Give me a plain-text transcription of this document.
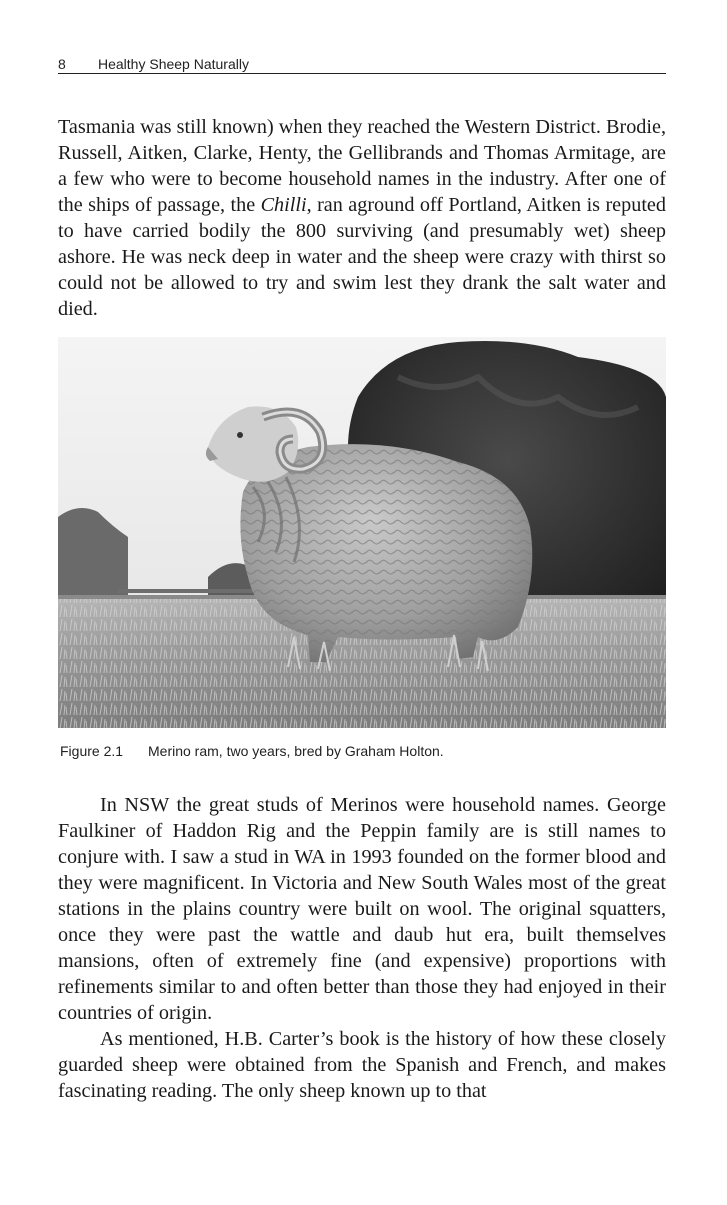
8 Healthy Sheep Naturally

Tasmania was still known) when they reached the Western District. Brodie, Russell, Aitken, Clarke, Henty, the Gellibrands and Thomas Armitage, are a few who were to become household names in the industry. After one of the ships of passage, the Chilli, ran aground off Portland, Aitken is reputed to have carried bodily the 800 surviving (and presumably wet) sheep ashore. He was neck deep in water and the sheep were crazy with thirst so could not be allowed to try and swim lest they drank the salt water and died.

Figure 2.1 Merino ram, two years, bred by Graham Holton.

In NSW the great studs of Merinos were household names. George Faulkiner of Haddon Rig and the Peppin family are is still names to conjure with. I saw a stud in WA in 1993 founded on the former blood and they were magnificent. In Victoria and New South Wales most of the great stations in the plains country were built on wool. The original squatters, once they were past the wattle and daub hut era, built themselves mansions, often of extremely fine (and expensive) proportions with refinements similar to and often better than those they had enjoyed in their countries of origin.

As mentioned, H.B. Carter’s book is the history of how these closely guarded sheep were obtained from the Spanish and French, and makes fascinating reading. The only sheep known up to that
